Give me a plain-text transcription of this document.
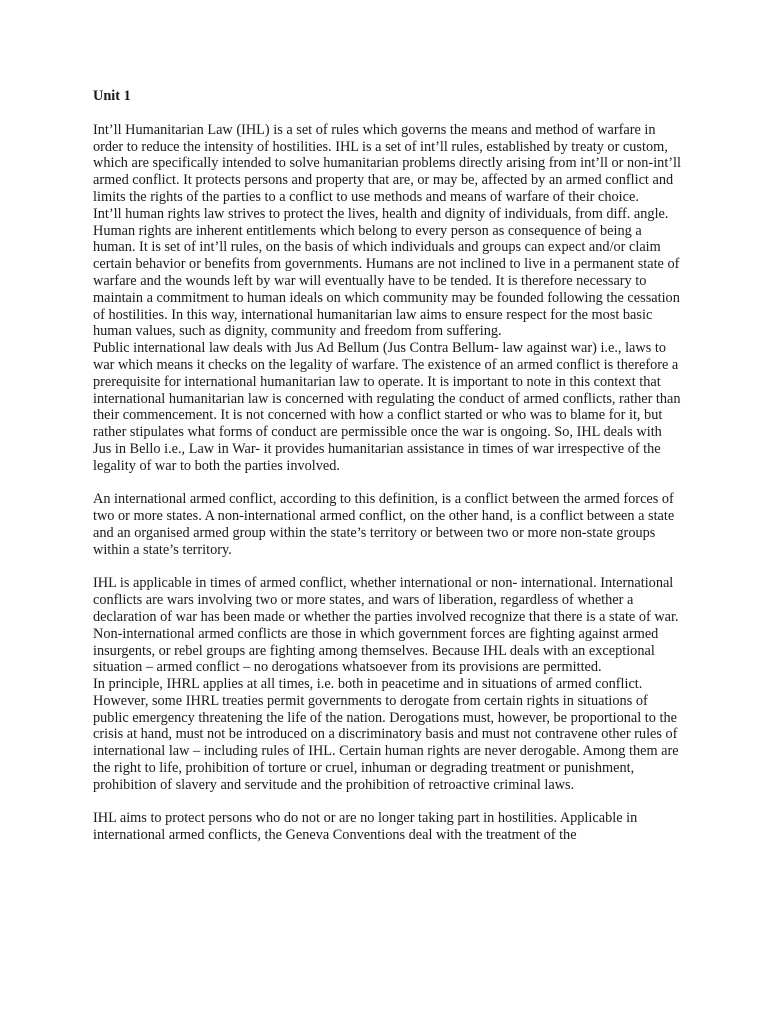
Unit 1

Int’ll Humanitarian Law (IHL) is a set of rules which governs the means and method of warfare in order to reduce the intensity of hostilities. IHL is a set of int’ll rules, established by treaty or custom, which are specifically intended to solve humanitarian problems directly arising from int’ll or non-int’ll armed conflict. It protects persons and property that are, or may be, affected by an armed conflict and limits the rights of the parties to a conflict to use methods and means of warfare of their choice.

Int’ll human rights law strives to protect the lives, health and dignity of individuals, from diff. angle. Human rights are inherent entitlements which belong to every person as consequence of being a human. It is set of int’ll rules, on the basis of which individuals and groups can expect and/or claim certain behavior or benefits from governments. Humans are not inclined to live in a permanent state of warfare and the wounds left by war will eventually have to be tended. It is therefore necessary to maintain a commitment to human ideals on which community may be founded following the cessation of hostilities. In this way, international humanitarian law aims to ensure respect for the most basic human values, such as dignity, community and freedom from suffering.

Public international law deals with Jus Ad Bellum (Jus Contra Bellum- law against war) i.e., laws to war which means it checks on the legality of warfare. The existence of an armed conflict is therefore a prerequisite for international humanitarian law to operate. It is important to note in this context that international humanitarian law is concerned with regulating the conduct of armed conflicts, rather than their commencement. It is not concerned with how a conflict started or who was to blame for it, but rather stipulates what forms of conduct are permissible once the war is ongoing. So, IHL deals with Jus in Bello i.e., Law in War- it provides humanitarian assistance in times of war irrespective of the legality of war to both the parties involved.

An international armed conflict, according to this definition, is a conflict between the armed forces of two or more states. A non-international armed conflict, on the other hand, is a conflict between a state and an organised armed group within the state’s territory or between two or more non-state groups within a state’s territory.

IHL is applicable in times of armed conflict, whether international or non- international. International conflicts are wars involving two or more states, and wars of liberation, regardless of whether a declaration of war has been made or whether the parties involved recognize that there is a state of war. Non-international armed conflicts are those in which government forces are fighting against armed insurgents, or rebel groups are fighting among themselves. Because IHL deals with an exceptional situation – armed conflict – no derogations whatsoever from its provisions are permitted.

In principle, IHRL applies at all times, i.e. both in peacetime and in situations of armed conflict. However, some IHRL treaties permit governments to derogate from certain rights in situations of public emergency threatening the life of the nation. Derogations must, however, be proportional to the crisis at hand, must not be introduced on a discriminatory basis and must not contravene other rules of international law – including rules of IHL. Certain human rights are never derogable. Among them are the right to life, prohibition of torture or cruel, inhuman or degrading treatment or punishment, prohibition of slavery and servitude and the prohibition of retroactive criminal laws.

IHL aims to protect persons who do not or are no longer taking part in hostilities. Applicable in international armed conflicts, the Geneva Conventions deal with the treatment of the
